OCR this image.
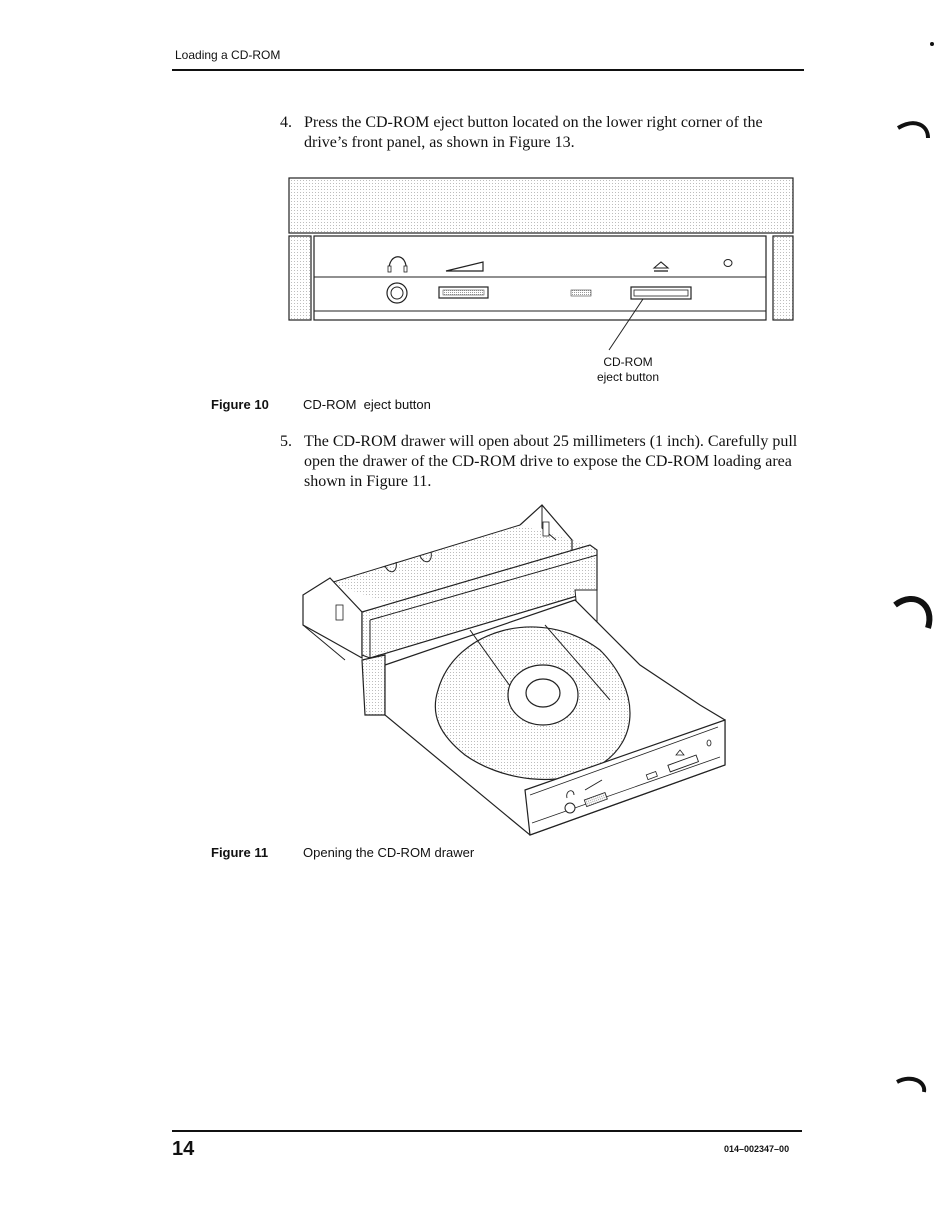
Loading a CD-ROM
4. Press the CD-ROM eject button located on the lower right corner of the drive’s front panel, as shown in Figure 13.
CD-ROM
eject button
Figure 10	CD-ROM  eject button
5. The CD-ROM drawer will open about 25 millimeters (1 inch). Carefully pull open the drawer of the CD-ROM drive to expose the CD-ROM loading area shown in Figure 11.
Figure 11	Opening the CD-ROM drawer
14	014–002347–00
